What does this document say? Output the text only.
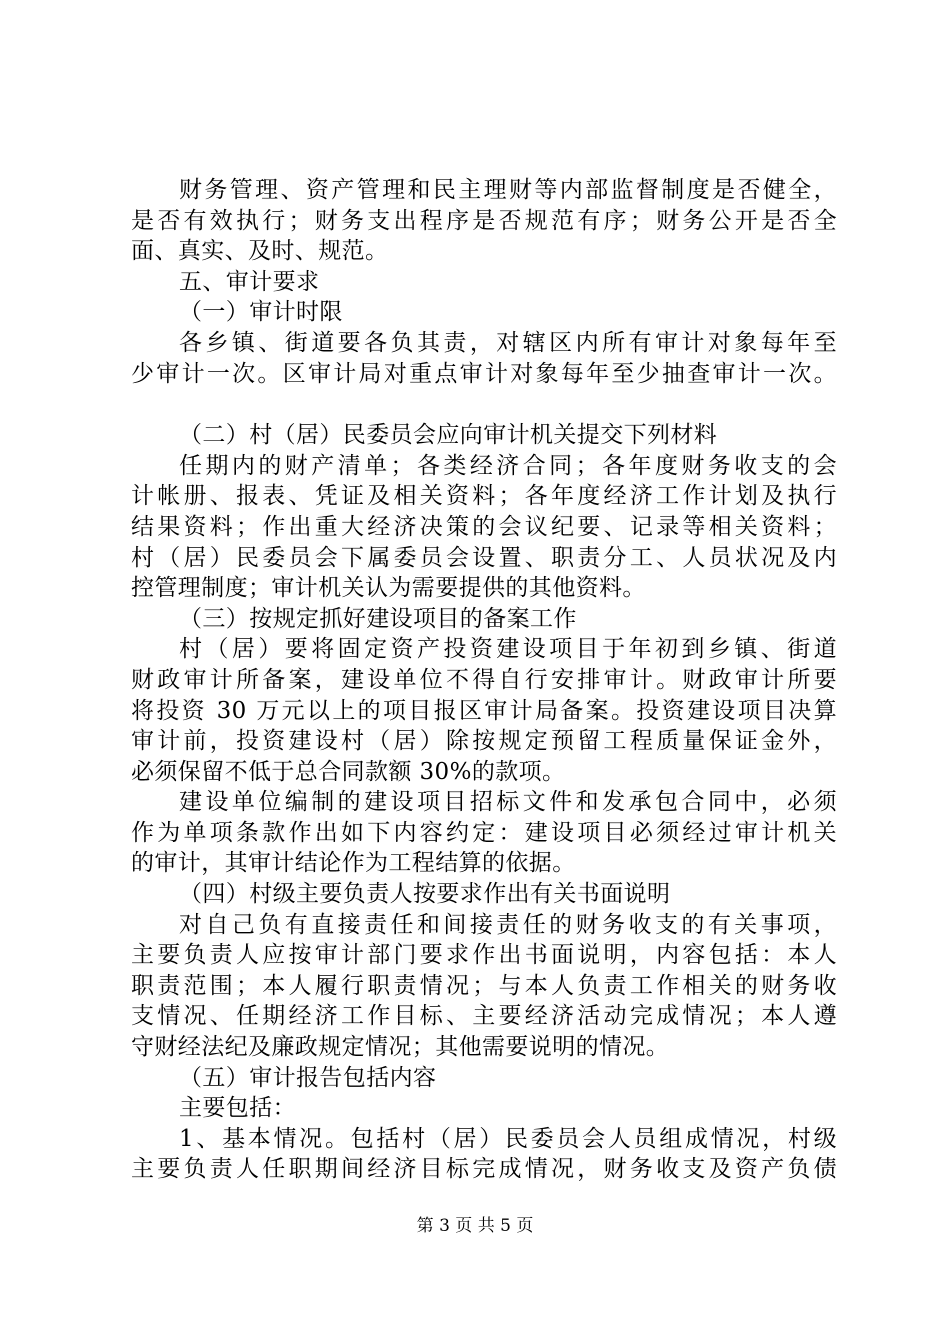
财务管理、资产管理和民主理财等内部监督制度是否健全，
是否有效执行；财务支出程序是否规范有序；财务公开是否全
面、真实、及时、规范。
五、审计要求
（一）审计时限
各乡镇、街道要各负其责，对辖区内所有审计对象每年至
少审计一次。区审计局对重点审计对象每年至少抽查审计一次。
（二）村（居）民委员会应向审计机关提交下列材料
任期内的财产清单；各类经济合同；各年度财务收支的会
计帐册、报表、凭证及相关资料；各年度经济工作计划及执行
结果资料；作出重大经济决策的会议纪要、记录等相关资料；
村（居）民委员会下属委员会设置、职责分工、人员状况及内
控管理制度；审计机关认为需要提供的其他资料。
（三）按规定抓好建设项目的备案工作
村（居）要将固定资产投资建设项目于年初到乡镇、街道
财政审计所备案，建设单位不得自行安排审计。财政审计所要
将投资 30 万元以上的项目报区审计局备案。投资建设项目决算
审计前，投资建设村（居）除按规定预留工程质量保证金外，
必须保留不低于总合同款额 30%的款项。
建设单位编制的建设项目招标文件和发承包合同中，必须
作为单项条款作出如下内容约定：建设项目必须经过审计机关
的审计，其审计结论作为工程结算的依据。
（四）村级主要负责人按要求作出有关书面说明
对自己负有直接责任和间接责任的财务收支的有关事项，
主要负责人应按审计部门要求作出书面说明，内容包括：本人
职责范围；本人履行职责情况；与本人负责工作相关的财务收
支情况、任期经济工作目标、主要经济活动完成情况；本人遵
守财经法纪及廉政规定情况；其他需要说明的情况。
（五）审计报告包括内容
主要包括：
1、基本情况。包括村（居）民委员会人员组成情况，村级
主要负责人任职期间经济目标完成情况，财务收支及资产负债
第 3 页 共 5 页
